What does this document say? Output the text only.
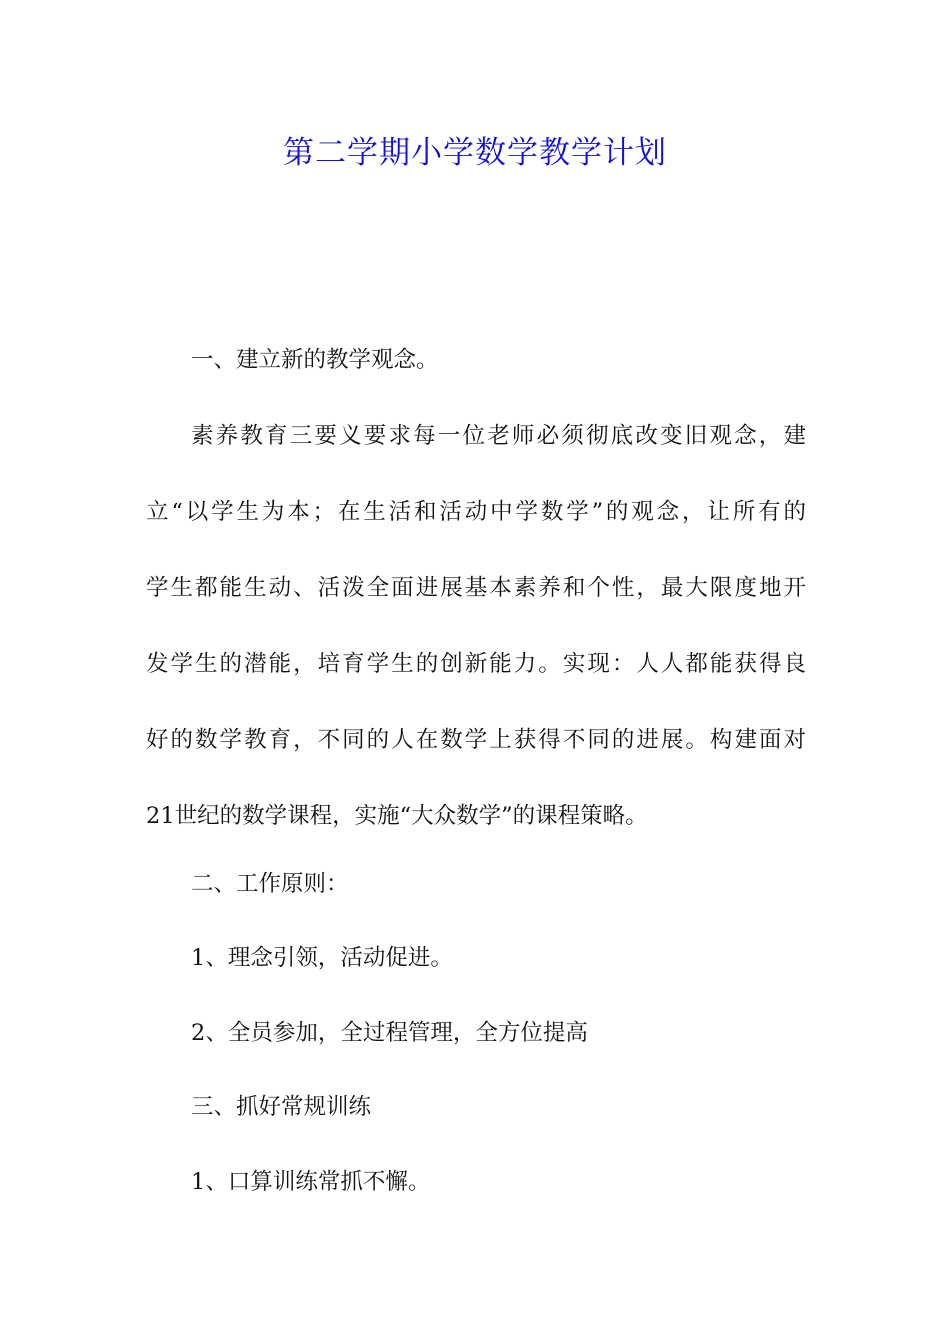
第二学期小学数学教学计划
一、建立新的教学观念。
素养教育三要义要求每一位老师必须彻底改变旧观念，建
立“以学生为本；在生活和活动中学数学”的观念，让所有的
学生都能生动、活泼全面进展基本素养和个性，最大限度地开
发学生的潜能，培育学生的创新能力。实现：人人都能获得良
好的数学教育，不同的人在数学上获得不同的进展。构建面对
21世纪的数学课程，实施“大众数学”的课程策略。
二、工作原则：
1、理念引领，活动促进。
2、全员参加，全过程管理，全方位提高
三、抓好常规训练
1、口算训练常抓不懈。
